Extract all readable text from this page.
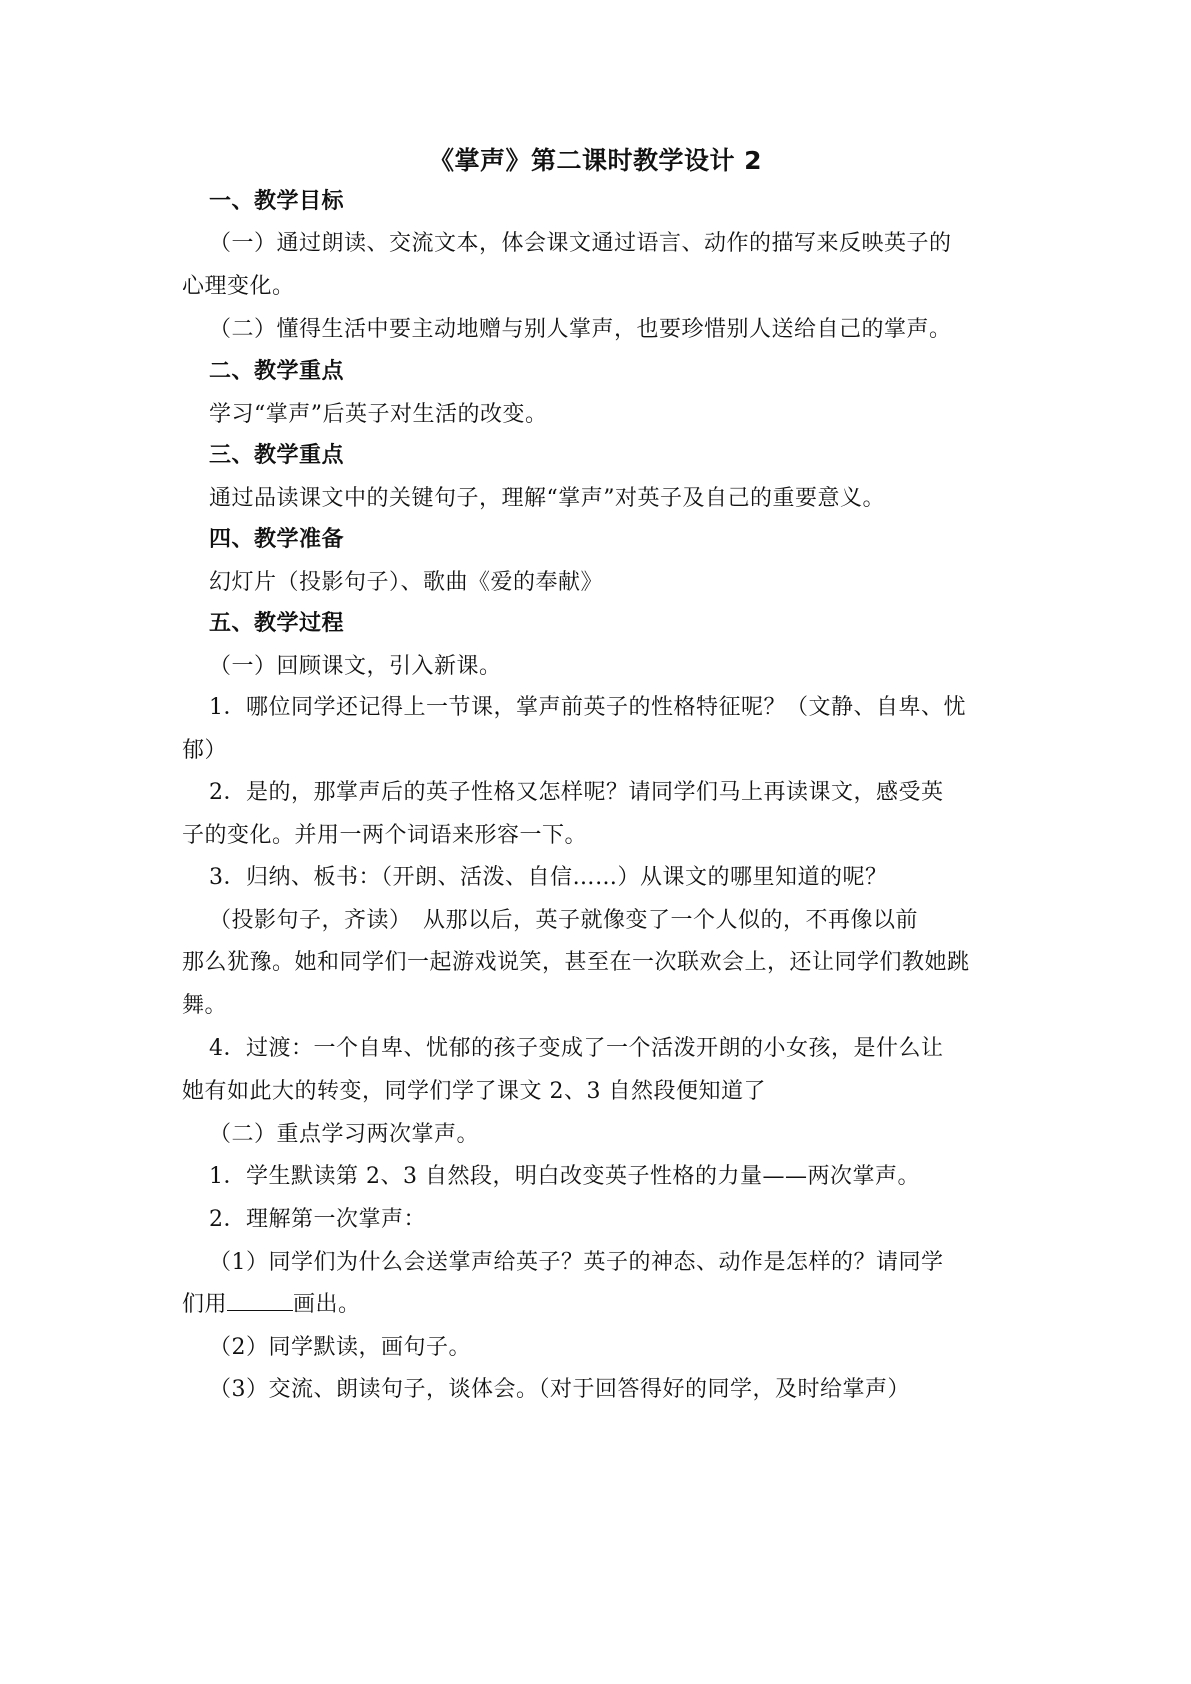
《掌声》第二课时教学设计 2
一、教学目标
（一）通过朗读、交流文本，体会课文通过语言、动作的描写来反映英子的
心理变化。
（二）懂得生活中要主动地赠与别人掌声，也要珍惜别人送给自己的掌声。
二、教学重点
学习“掌声”后英子对生活的改变。
三、教学重点
通过品读课文中的关键句子，理解“掌声”对英子及自己的重要意义。
四、教学准备
幻灯片（投影句子）、歌曲《爱的奉献》
五、教学过程
（一）回顾课文，引入新课。
1．哪位同学还记得上一节课，掌声前英子的性格特征呢？（文静、自卑、忧
郁）
2．是的，那掌声后的英子性格又怎样呢？请同学们马上再读课文，感受英
子的变化。并用一两个词语来形容一下。
3．归纳、板书：（开朗、活泼、自信……）从课文的哪里知道的呢？
（投影句子，齐读）　从那以后，英子就像变了一个人似的，不再像以前
那么犹豫。她和同学们一起游戏说笑，甚至在一次联欢会上，还让同学们教她跳
舞。
4．过渡：一个自卑、忧郁的孩子变成了一个活泼开朗的小女孩，是什么让
她有如此大的转变，同学们学了课文 2、3 自然段便知道了
（二）重点学习两次掌声。
1．学生默读第 2、3 自然段，明白改变英子性格的力量——两次掌声。
2．理解第一次掌声：
（1）同学们为什么会送掌声给英子？英子的神态、动作是怎样的？请同学
们用	画出。
（2）同学默读，画句子。
（3）交流、朗读句子，谈体会。（对于回答得好的同学，及时给掌声）
